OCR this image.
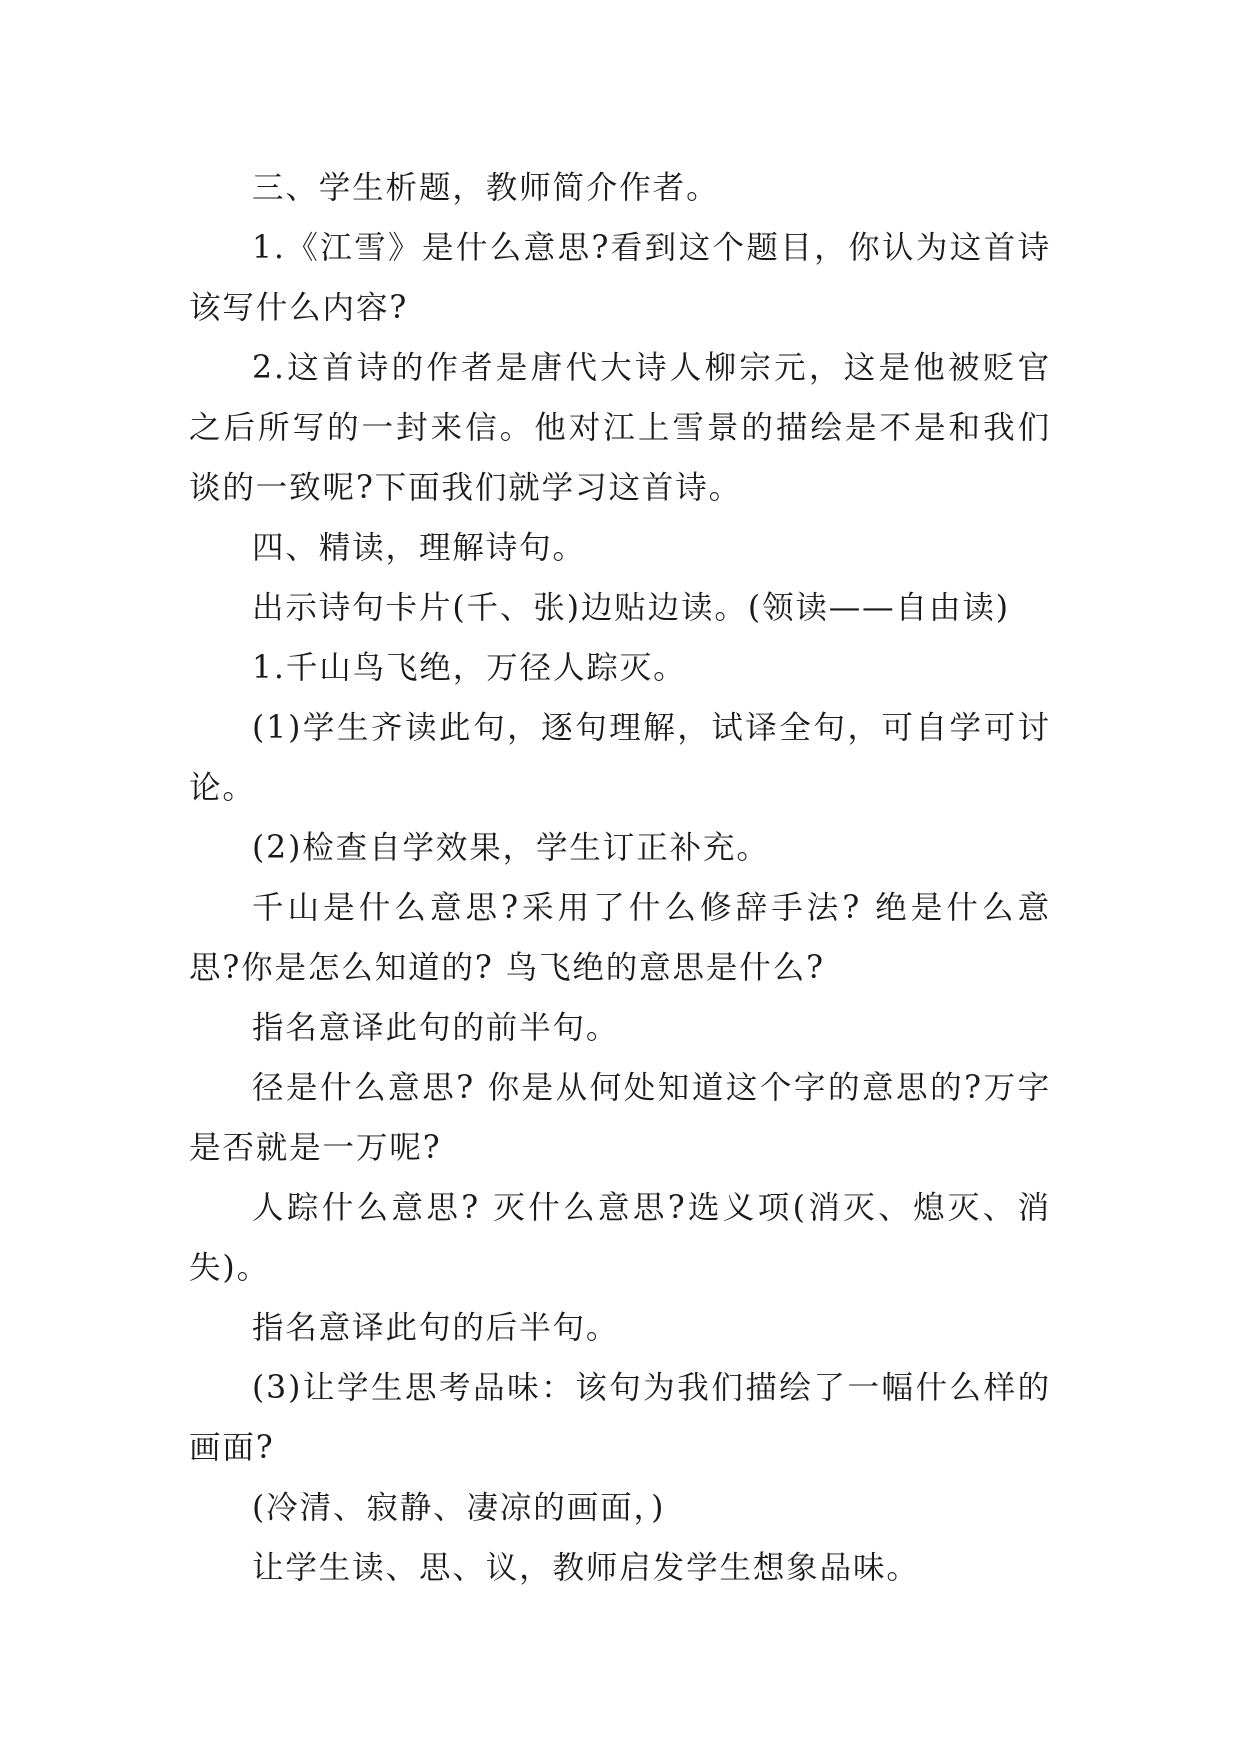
三、学生析题，教师简介作者。

1.《江雪》是什么意思?看到这个题目，你认为这首诗该写什么内容?

2.这首诗的作者是唐代大诗人柳宗元，这是他被贬官之后所写的一封来信。他对江上雪景的描绘是不是和我们谈的一致呢?下面我们就学习这首诗。

四、精读，理解诗句。

出示诗句卡片(千、张)边贴边读。(领读——自由读)

1.千山鸟飞绝，万径人踪灭。

(1)学生齐读此句，逐句理解，试译全句，可自学可讨论。

(2)检查自学效果，学生订正补充。

千山是什么意思?采用了什么修辞手法? 绝是什么意思?你是怎么知道的? 鸟飞绝的意思是什么?

指名意译此句的前半句。

径是什么意思? 你是从何处知道这个字的意思的?万字是否就是一万呢?

人踪什么意思? 灭什么意思?选义项(消灭、熄灭、消失)。

指名意译此句的后半句。

(3)让学生思考品味：该句为我们描绘了一幅什么样的画面?

(冷清、寂静、凄凉的画面，)

让学生读、思、议，教师启发学生想象品味。
